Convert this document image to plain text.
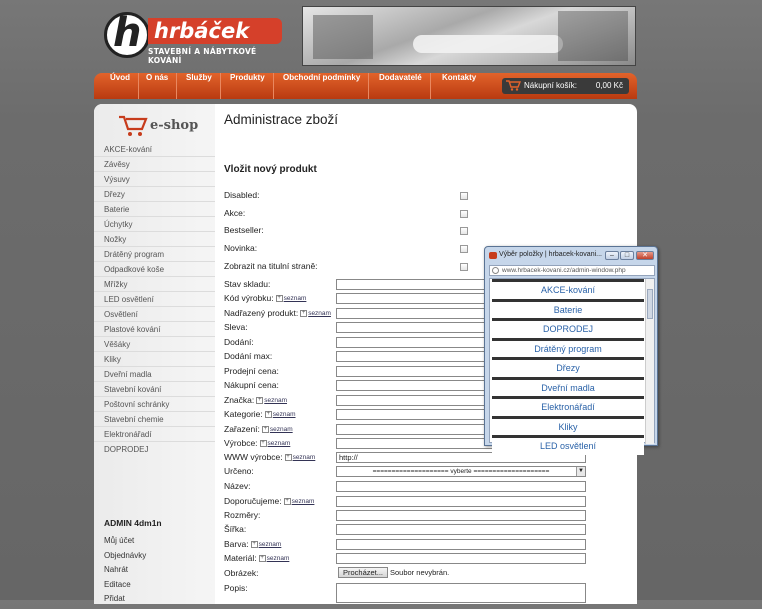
h hrbáček
STAVEBNÍ A NÁBYTKOVÉ KOVÁNÍ
Úvod	O nás	Služby	Produkty	Obchodní podmínky	Dodavatelé	Kontakty
Nákupní košík: 0,00 Kč
e-shop
AKCE-kování
Závěsy
Výsuvy
Dřezy
Baterie
Úchytky
Nožky
Drátěný program
Odpadkové koše
Mřížky
LED osvětlení
Osvětlení
Plastové kování
Věšáky
Kliky
Dveřní madla
Stavební kování
Poštovní schránky
Stavební chemie
Elektronářadí
DOPRODEJ
ADMIN 4dm1n
Můj účet
Objednávky
Nahrát
Editace
Přidat
Administrace zboží
Vložit nový produkt
Disabled:
Akce:
Bestseller:
Novinka:
Zobrazit na titulní straně:
Stav skladu:
Kód výrobku: + seznam
Nadřazený produkt: + seznam
Sleva:
Dodání:
Dodání max:
Prodejní cena:
Nákupní cena:
Značka: + seznam
Kategorie: + seznam
Zařazení: + seznam
Výrobce: + seznam
WWW výrobce: + seznam	http://
Určeno:	==================== vyberte ====================	▼
Název:
Doporučujeme: + seznam
Rozměry:
Šířka:
Barva: + seznam
Materiál: + seznam
Obrázek:	Procházet... Soubor nevybrán.
Popis:
Výběr položky | hrbacek-kovani...	–	□	✕
www.hrbacek-kovani.cz/admin-window.php
AKCE-kování
Baterie
DOPRODEJ
Drátěný program
Dřezy
Dveřní madla
Elektronářadí
Kliky
LED osvětlení
